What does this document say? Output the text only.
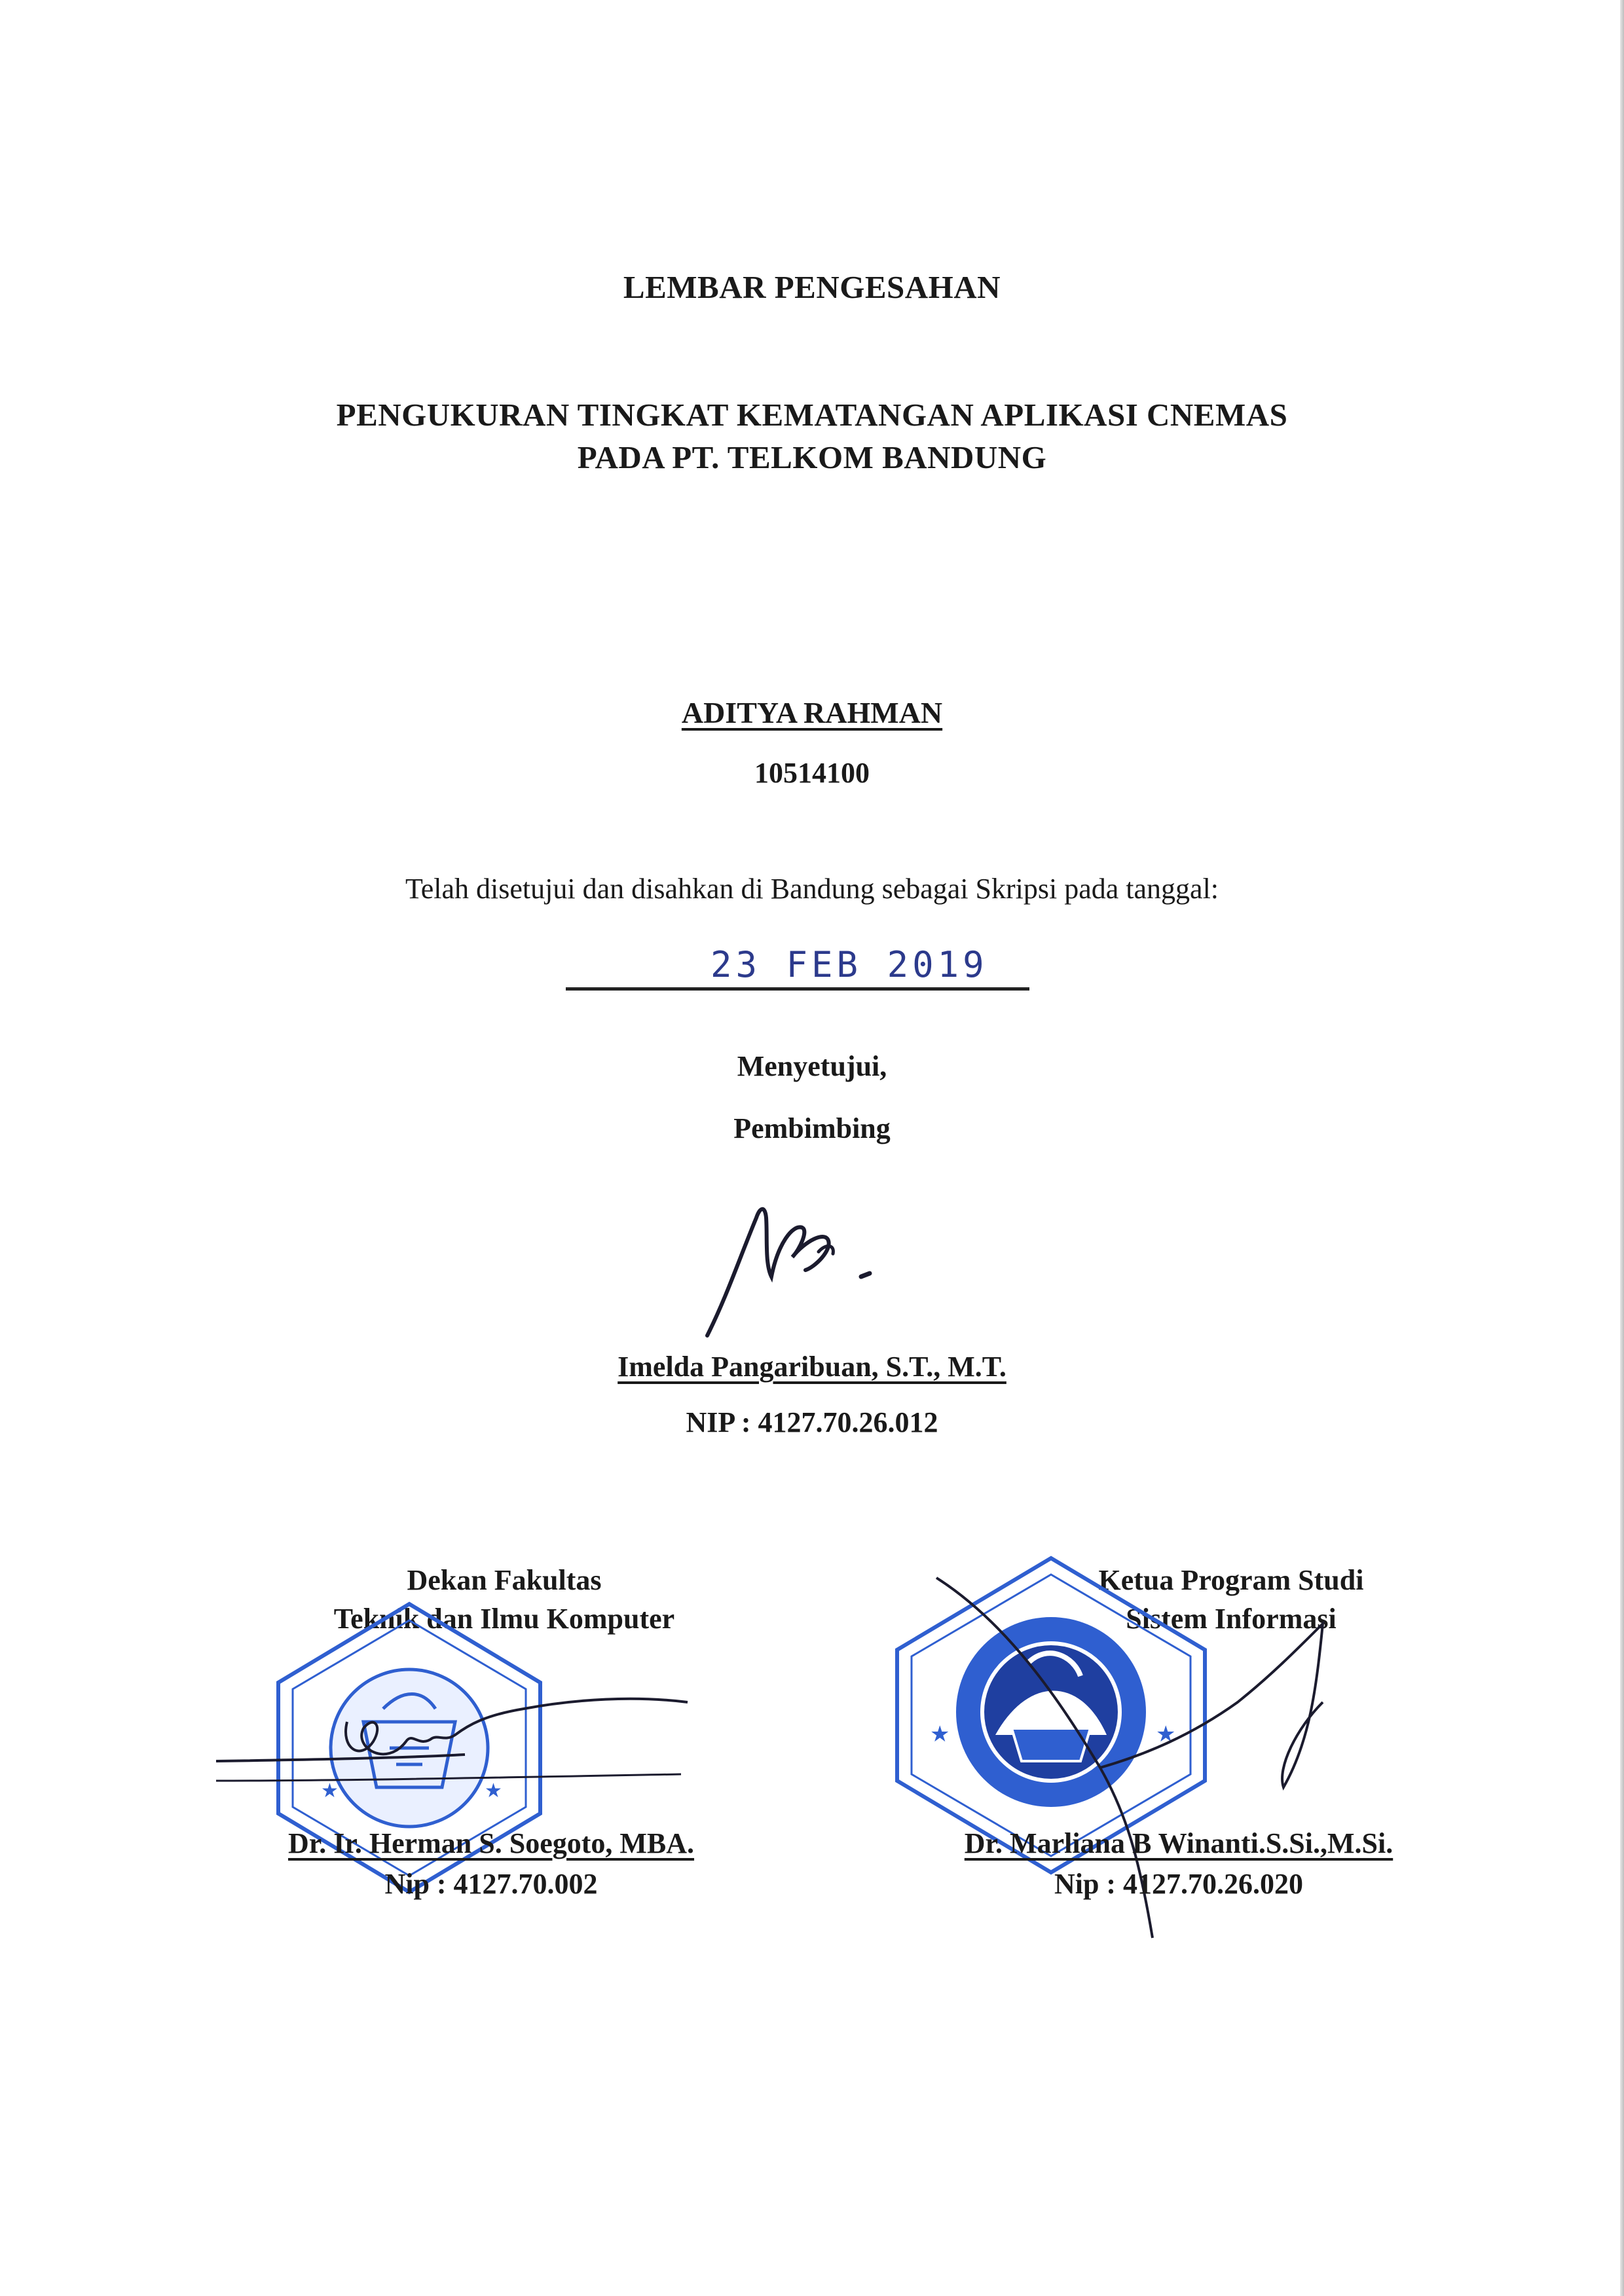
LEMBAR PENGESAHAN
PENGUKURAN TINGKAT KEMATANGAN APLIKASI CNEMAS
PADA PT. TELKOM BANDUNG
ADITYA RAHMAN
10514100
Telah disetujui dan disahkan di Bandung sebagai Skripsi pada tanggal:
23 FEB 2019
Menyetujui,
Pembimbing
Imelda Pangaribuan, S.T., M.T.
NIP : 4127.70.26.012
Dekan Fakultas
Teknik dan Ilmu Komputer
★	★
Dr. Ir. Herman S. Soegoto, MBA.
Nip : 4127.70.002
Ketua Program Studi
Sistem Informasi
★	★
Dr. Marliana B Winanti.S.Si.,M.Si.
Nip : 4127.70.26.020
